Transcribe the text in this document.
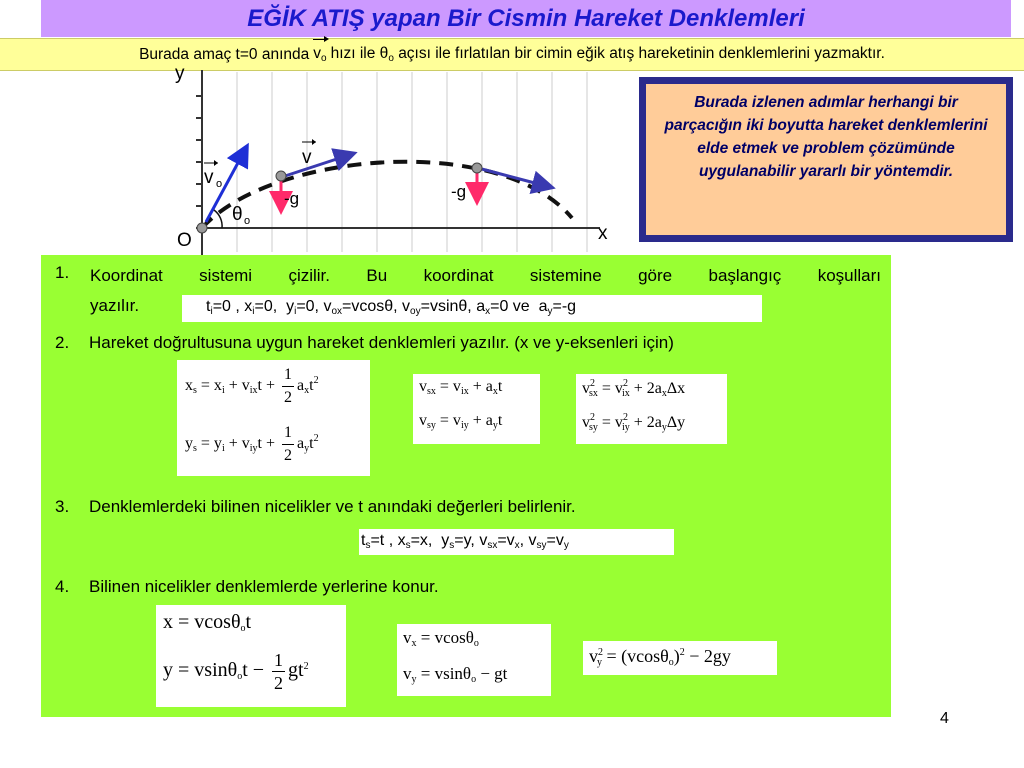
EĞİK ATIŞ yapan Bir Cismin Hareket Denklemleri
Burada amaç t=0 anında $v_o$ hızı ile $\theta_o$ açısı ile fırlatılan bir cimin eğik atış hareketinin denklemlerini yazmaktır.
y
x
O
v o
v
-g	-g
θ o

Burada izlenen adımlar herhangi bir parçacığın iki boyutta hareket denklemlerini elde etmek ve problem çözümünde uygulanabilir yararlı bir yöntemdir.

1. Koordinat sistemi çizilir. Bu koordinat sistemine göre başlangıç koşulları
yazılır.	$t_i=0$ , $x_i=0$,  $y_i=0$, $v_{ox}=vcos\theta$, $v_{oy}=vsin\theta$, $a_x=0$ ve  $a_y=-g$
2. Hareket doğrultusuna uygun hareket denklemleri yazılır. (x ve y-eksenleri için)
$x_s = x_i + v_{ix}t + \frac{1}{2} a_xt^2$
$y_s = y_i + v_{iy}t + \frac{1}{2} a_yt^2$
$v_{sx} = v_{ix} + a_xt$
$v_{sy} = v_{iy} + a_yt$
$v^2_{sx} = v^2_{ix} + 2a_x\Delta x$
$v^2_{sy} = v^2_{iy} + 2a_y\Delta y$
3. Denklemlerdeki bilinen nicelikler ve t anındaki değerleri belirlenir.
$t_s=t$ , $x_s=x$,  $y_s=y$, $v_{sx}=v_x$, $v_{sy}=v_y$
4. Bilinen nicelikler denklemlerde yerlerine konur.
x = vcosθ$_o$t
$y = vsin\theta_ot - \frac{1}{2} gt^2$
$v_x = vcos\theta_o$
$v_y = vsin\theta_o$ − gt
$v^2_y = (vcos\theta_o)^2 - 2gy$
4
